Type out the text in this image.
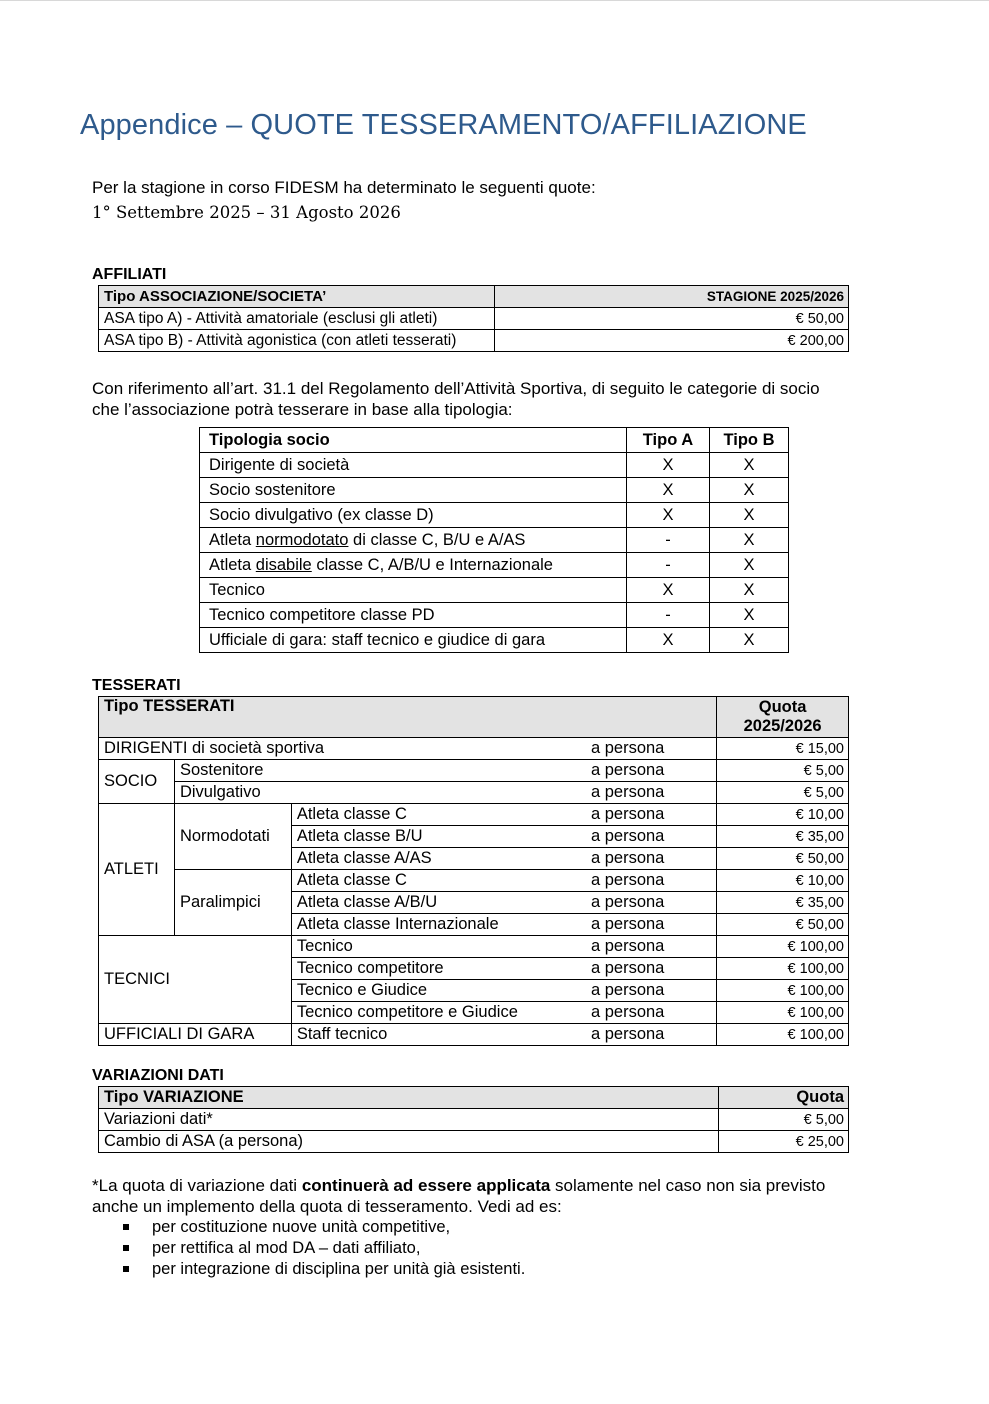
Appendice – QUOTE TESSERAMENTO/AFFILIAZIONE
Per la stagione in corso FIDESM ha determinato le seguenti quote:
1° Settembre 2025 – 31 Agosto 2026
AFFILIATI
Tipo ASSOCIAZIONE/SOCIETA’	STAGIONE 2025/2026
ASA tipo A) - Attività amatoriale (esclusi gli atleti)	€ 50,00
ASA tipo B) - Attività agonistica (con atleti tesserati)	€ 200,00
Con riferimento all’art. 31.1 del Regolamento dell’Attività Sportiva, di seguito le categorie di socio
che l’associazione potrà tesserare in base alla tipologia:
Tipologia socio	Tipo A	Tipo B
Dirigente di società	X	X
Socio sostenitore	X	X
Socio divulgativo (ex classe D)	X	X
Atleta normodotato di classe C, B/U e A/AS	-	X
Atleta disabile classe C, A/B/U e Internazionale	-	X
Tecnico	X	X
Tecnico competitore classe PD	-	X
Ufficiale di gara: staff tecnico e giudice di gara	X	X
TESSERATI
Tipo TESSERATI				Quota
2025/2026

DIRIGENTI di società sportiva			a persona	€ 15,00
SOCIO	Sostenitore		a persona	€ 5,00
	Divulgativo		a persona	€ 5,00
ATLETI	Normodotati	Atleta classe C	a persona	€ 10,00
		Atleta classe B/U	a persona	€ 35,00
		Atleta classe A/AS	a persona	€ 50,00
	Paralimpici	Atleta classe C	a persona	€ 10,00
		Atleta classe A/B/U	a persona	€ 35,00
		Atleta classe Internazionale	a persona	€ 50,00
TECNICI		Tecnico	a persona	€ 100,00
		Tecnico competitore	a persona	€ 100,00
		Tecnico e Giudice	a persona	€ 100,00
		Tecnico competitore e Giudice	a persona	€ 100,00
UFFICIALI DI GARA		Staff tecnico	a persona	€ 100,00
VARIAZIONI DATI
Tipo VARIAZIONE	Quota
Variazioni dati*	€ 5,00
Cambio di ASA (a persona)	€ 25,00
*La quota di variazione dati continuerà ad essere applicata solamente nel caso non sia previsto
anche un implemento della quota di tesseramento. Vedi ad es:
per costituzione nuove unità competitive,
per rettifica al mod DA – dati affiliato,
per integrazione di disciplina per unità già esistenti.
